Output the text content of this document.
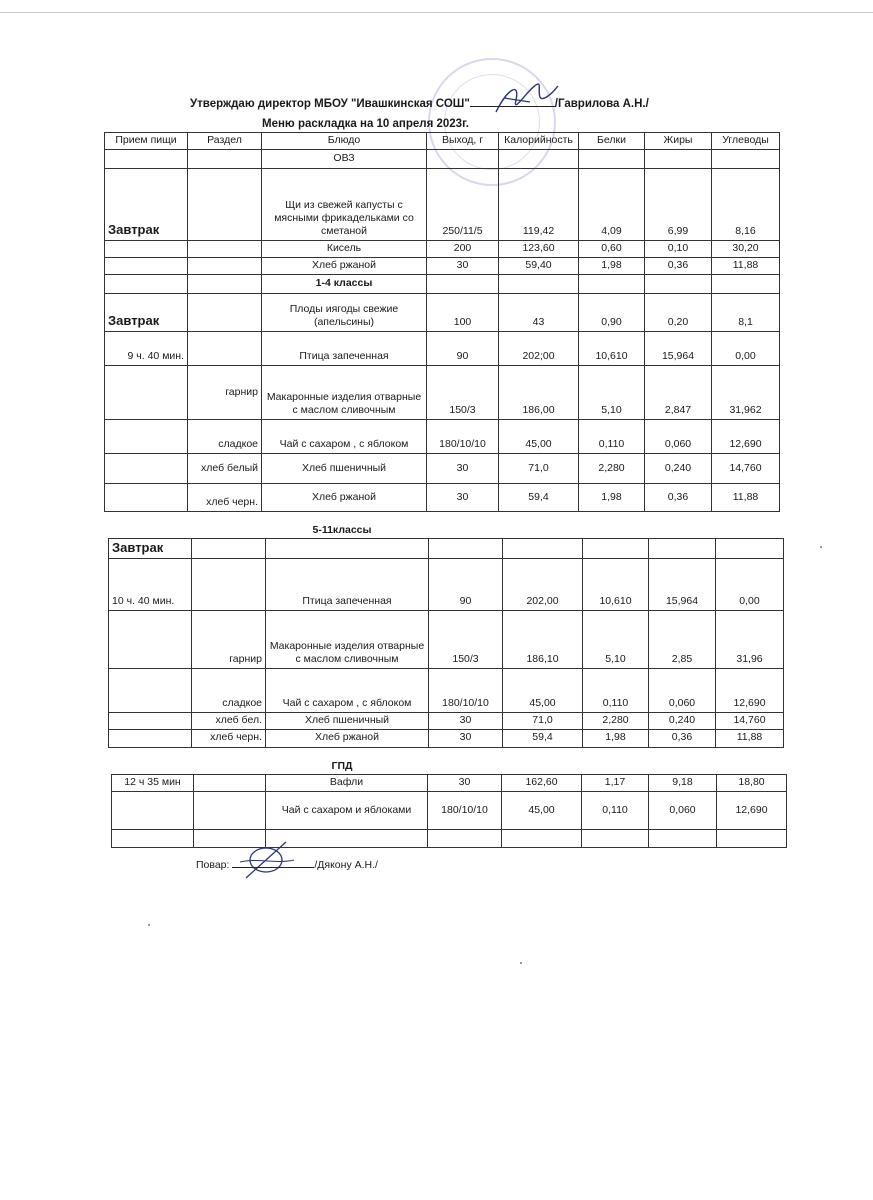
Утверждаю директор МБОУ "Ивашкинская СОШ"	/Гаврилова А.Н./
Меню раскладка на 10 апреля 2023г.
Прием пищи	Раздел	Блюдо	Выход, г	Калорийность	Белки	Жиры	Углеводы
		ОВЗ					
Завтрак		Щи из свежей капусты с мясными фрикадельками со сметаной	250/11/5	119,42	4,09	6,99	8,16
		Кисель	200	123,60	0,60	0,10	30,20
		Хлеб ржаной	30	59,40	1,98	0,36	11,88
		1-4 классы					
Завтрак		Плоды иягоды свежие (апельсины)	100	43	0,90	0,20	8,1
9 ч. 40 мин.		Птица запеченная	90	202;00	10,610	15,964	0,00
	гарнир	Макаронные изделия отварные с маслом сливочным	150/3	186,00	5,10	2,847	31,962
	сладкое	Чай с сахаром , с яблоком	180/10/10	45,00	0,110	0,060	12,690
	хлеб белый	Хлеб пшеничный	30	71,0	2,280	0,240	14,760
	хлеб черн.	Хлеб ржаной	30	59,4	1,98	0,36	11,88
5-11классы
Завтрак							
10 ч. 40 мин.		Птица запеченная	90	202,00	10,610	15,964	0,00
	гарнир	Макаронные изделия отварные с маслом сливочным	150/3	186,10	5,10	2,85	31,96
	сладкое	Чай с сахаром , с яблоком	180/10/10	45,00	0,110	0,060	12,690
	хлеб бел.	Хлеб пшеничный	30	71,0	2,280	0,240	14,760
	хлеб черн.	Хлеб ржаной	30	59,4	1,98	0,36	11,88
ГПД
12 ч 35 мин		Вафли	30	162,60	1,17	9,18	18,80
		Чай с сахаром и яблоками	180/10/10	45,00	0,110	0,060	12,690

Повар:	/Дякону А.Н./
